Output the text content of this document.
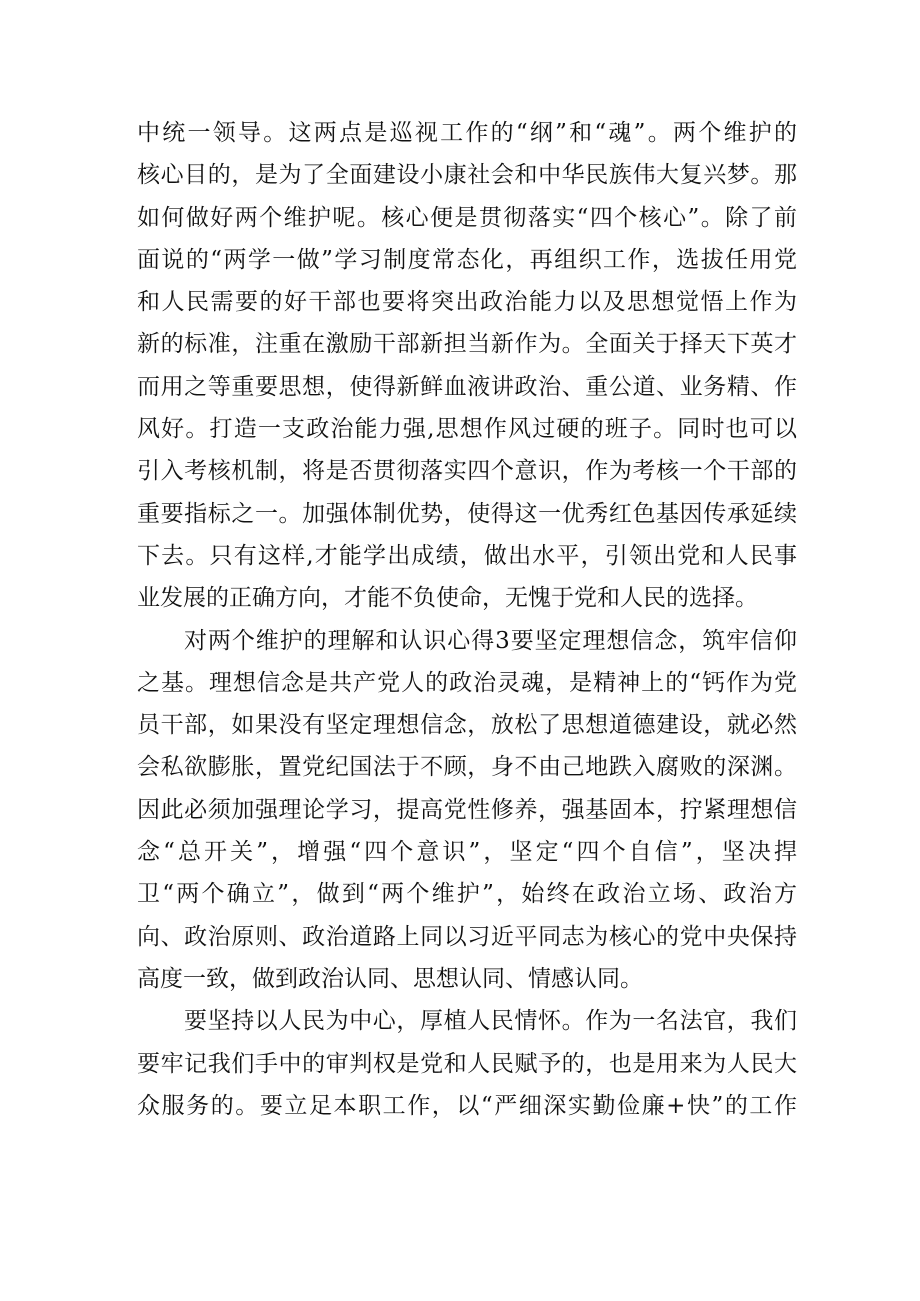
中统一领导。这两点是巡视工作的“纲”和“魂”。两个维护的
核心目的，是为了全面建设小康社会和中华民族伟大复兴梦。那
如何做好两个维护呢。核心便是贯彻落实“四个核心”。除了前
面说的“两学一做”学习制度常态化，再组织工作，选拔任用党
和人民需要的好干部也要将突出政治能力以及思想觉悟上作为
新的标准，注重在激励干部新担当新作为。全面关于择天下英才
而用之等重要思想，使得新鲜血液讲政治、重公道、业务精、作
风好。打造一支政治能力强,思想作风过硬的班子。同时也可以
引入考核机制，将是否贯彻落实四个意识，作为考核一个干部的
重要指标之一。加强体制优势，使得这一优秀红色基因传承延续
下去。只有这样,才能学出成绩，做出水平，引领出党和人民事
业发展的正确方向，才能不负使命，无愧于党和人民的选择。
对两个维护的理解和认识心得3要坚定理想信念，筑牢信仰
之基。理想信念是共产党人的政治灵魂，是精神上的“钙作为党
员干部，如果没有坚定理想信念，放松了思想道德建设，就必然
会私欲膨胀，置党纪国法于不顾，身不由己地跌入腐败的深渊。
因此必须加强理论学习，提高党性修养，强基固本，拧紧理想信
念“总开关”，增强“四个意识”，坚定“四个自信”，坚决捍
卫“两个确立”，做到“两个维护”，始终在政治立场、政治方
向、政治原则、政治道路上同以习近平同志为核心的党中央保持
高度一致，做到政治认同、思想认同、情感认同。
要坚持以人民为中心，厚植人民情怀。作为一名法官，我们
要牢记我们手中的审判权是党和人民赋予的，也是用来为人民大
众服务的。要立足本职工作，以“严细深实勤俭廉+快”的工作
